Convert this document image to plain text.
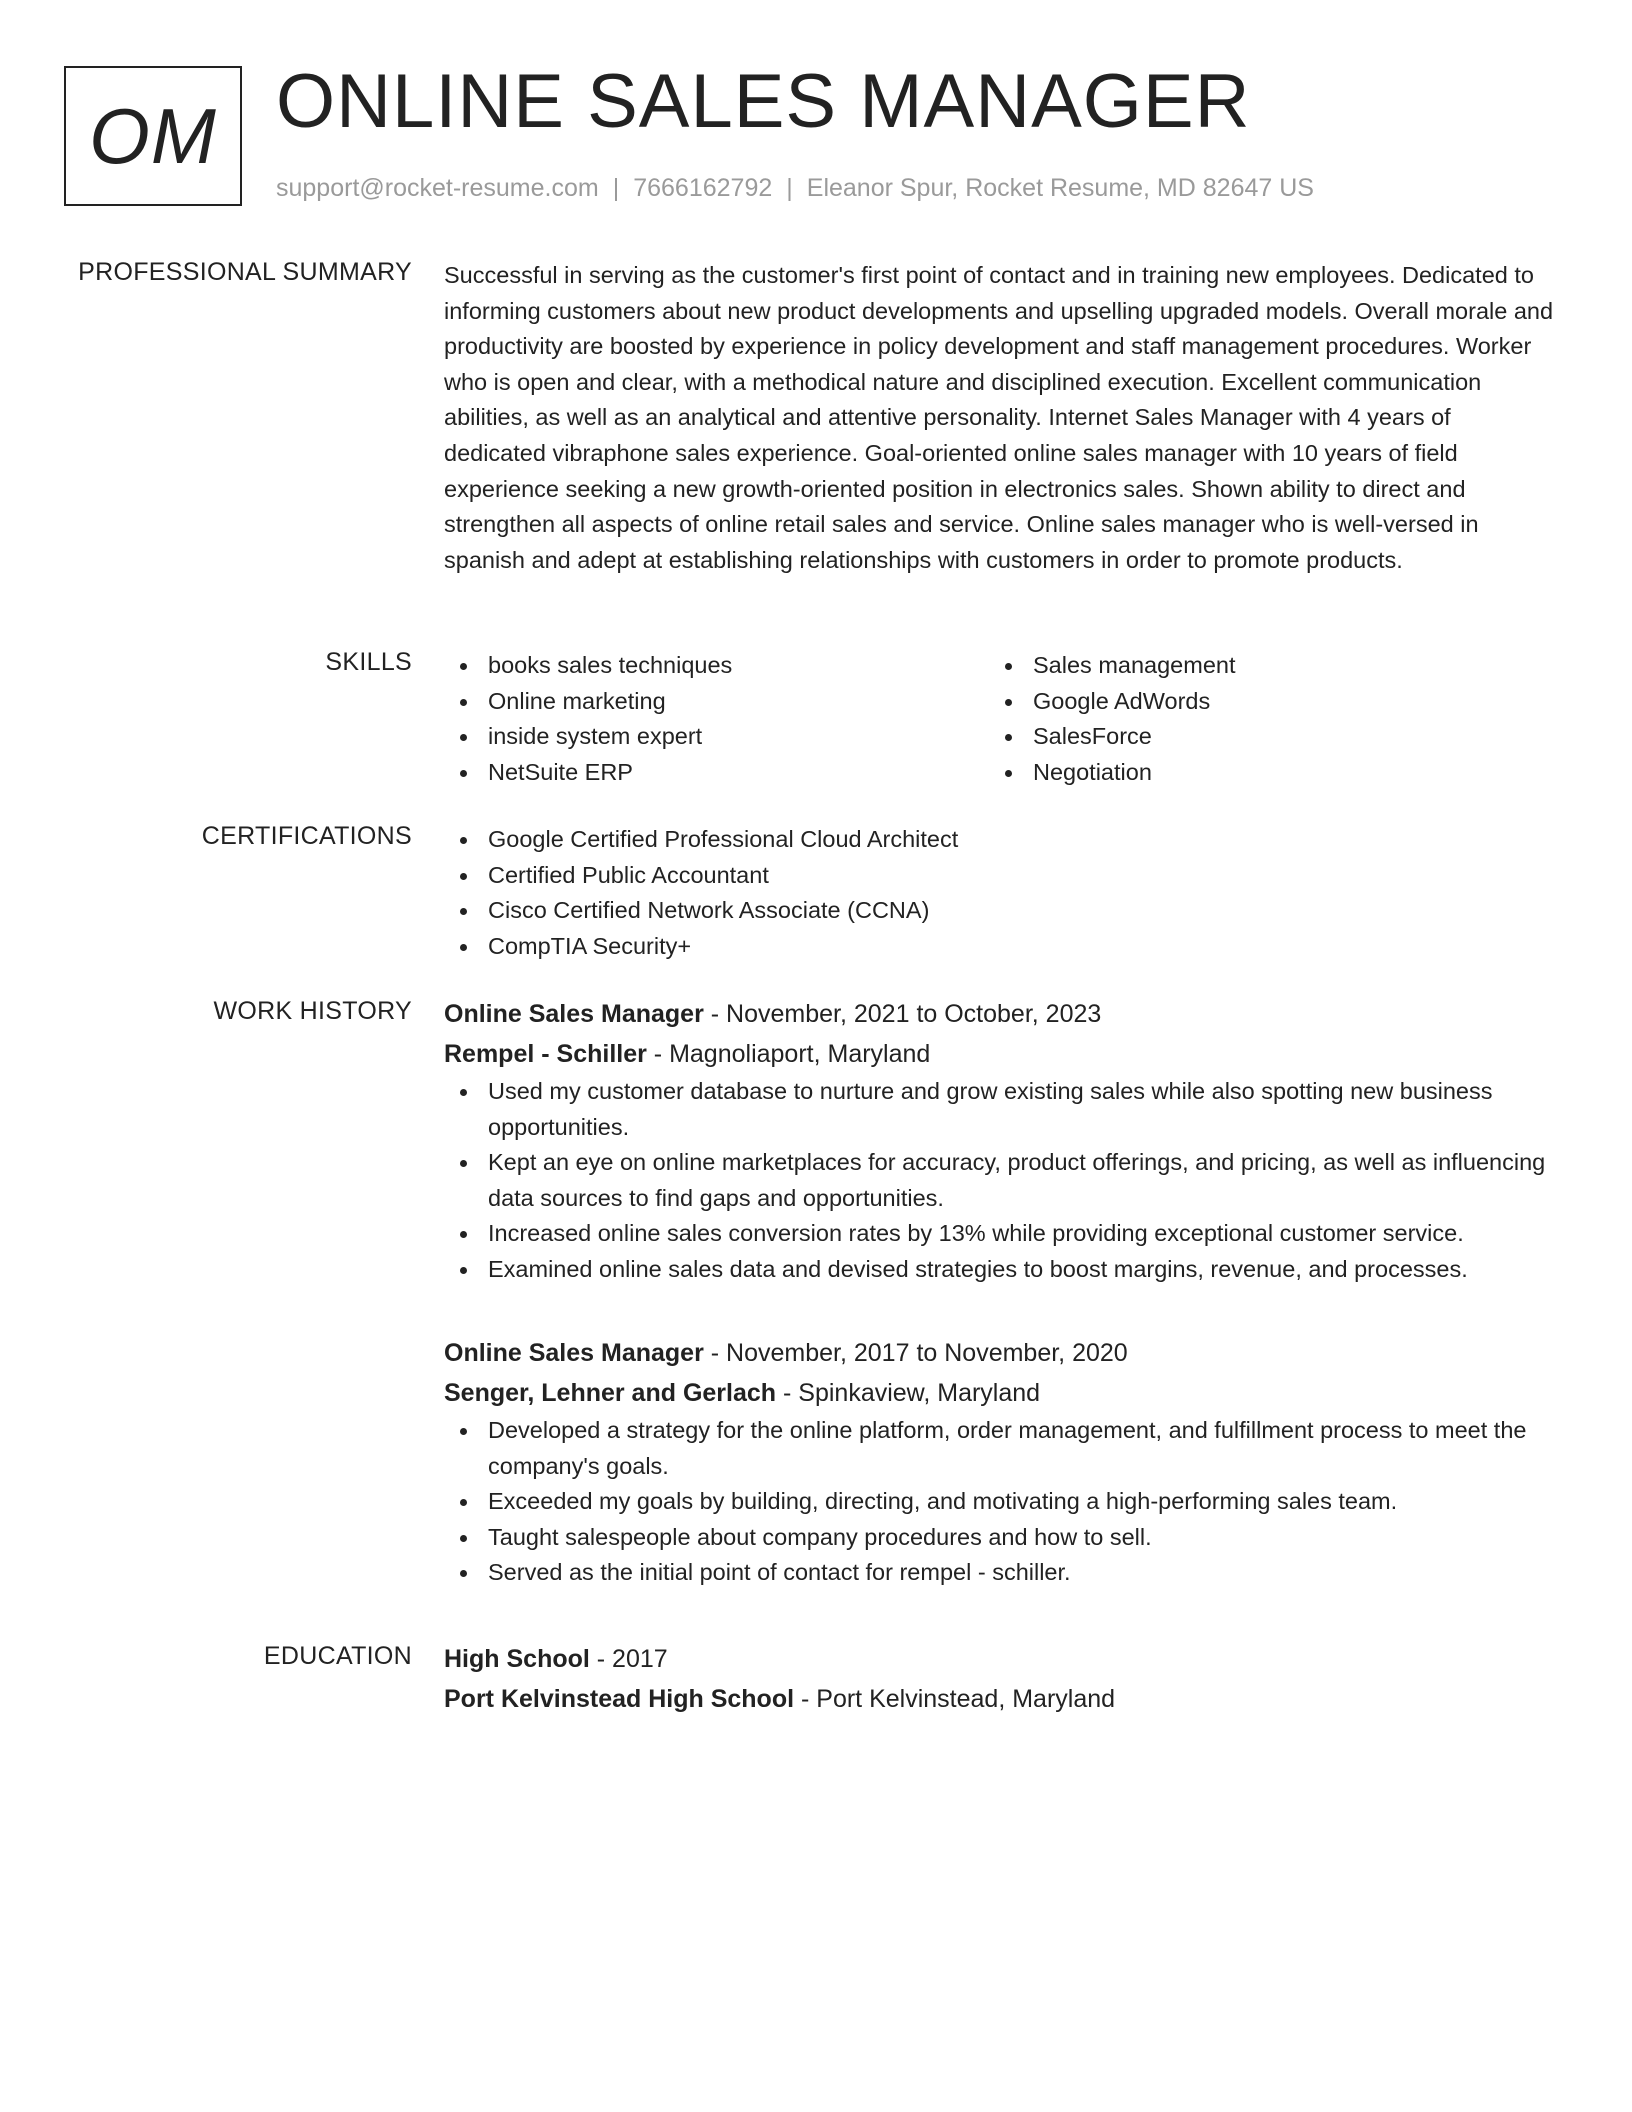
OM ONLINE SALES MANAGER
support@rocket-resume.com | 7666162792 | Eleanor Spur, Rocket Resume, MD 82647 US
PROFESSIONAL SUMMARY Successful in serving as the customer's first point of contact and in training new employees. Dedicated to informing customers about new product developments and upselling upgraded models. Overall morale and productivity are boosted by experience in policy development and staff management procedures. Worker who is open and clear, with a methodical nature and disciplined execution. Excellent communication abilities, as well as an analytical and attentive personality. Internet Sales Manager with 4 years of dedicated vibraphone sales experience. Goal-oriented online sales manager with 10 years of field experience seeking a new growth-oriented position in electronics sales. Shown ability to direct and strengthen all aspects of online retail sales and service. Online sales manager who is well-versed in spanish and adept at establishing relationships with customers in order to promote products.

SKILLS	books sales techniques
Online marketing
inside system expert
NetSuite ERP
Sales management
Google AdWords
SalesForce
Negotiation
CERTIFICATIONS	Google Certified Professional Cloud Architect
Certified Public Accountant
Cisco Certified Network Associate (CCNA)
CompTIA Security+
WORK HISTORY Online Sales Manager - November, 2021 to October, 2023
Rempel - Schiller - Magnoliaport, Maryland
Used my customer database to nurture and grow existing sales while also spotting new business opportunities.
Kept an eye on online marketplaces for accuracy, product offerings, and pricing, as well as influencing data sources to find gaps and opportunities.
Increased online sales conversion rates by 13% while providing exceptional customer service.
Examined online sales data and devised strategies to boost margins, revenue, and processes.
Online Sales Manager - November, 2017 to November, 2020
Senger, Lehner and Gerlach - Spinkaview, Maryland
Developed a strategy for the online platform, order management, and fulfillment process to meet the company's goals.
Exceeded my goals by building, directing, and motivating a high-performing sales team.
Taught salespeople about company procedures and how to sell.
Served as the initial point of contact for rempel - schiller.
EDUCATION High School - 2017
Port Kelvinstead High School - Port Kelvinstead, Maryland
